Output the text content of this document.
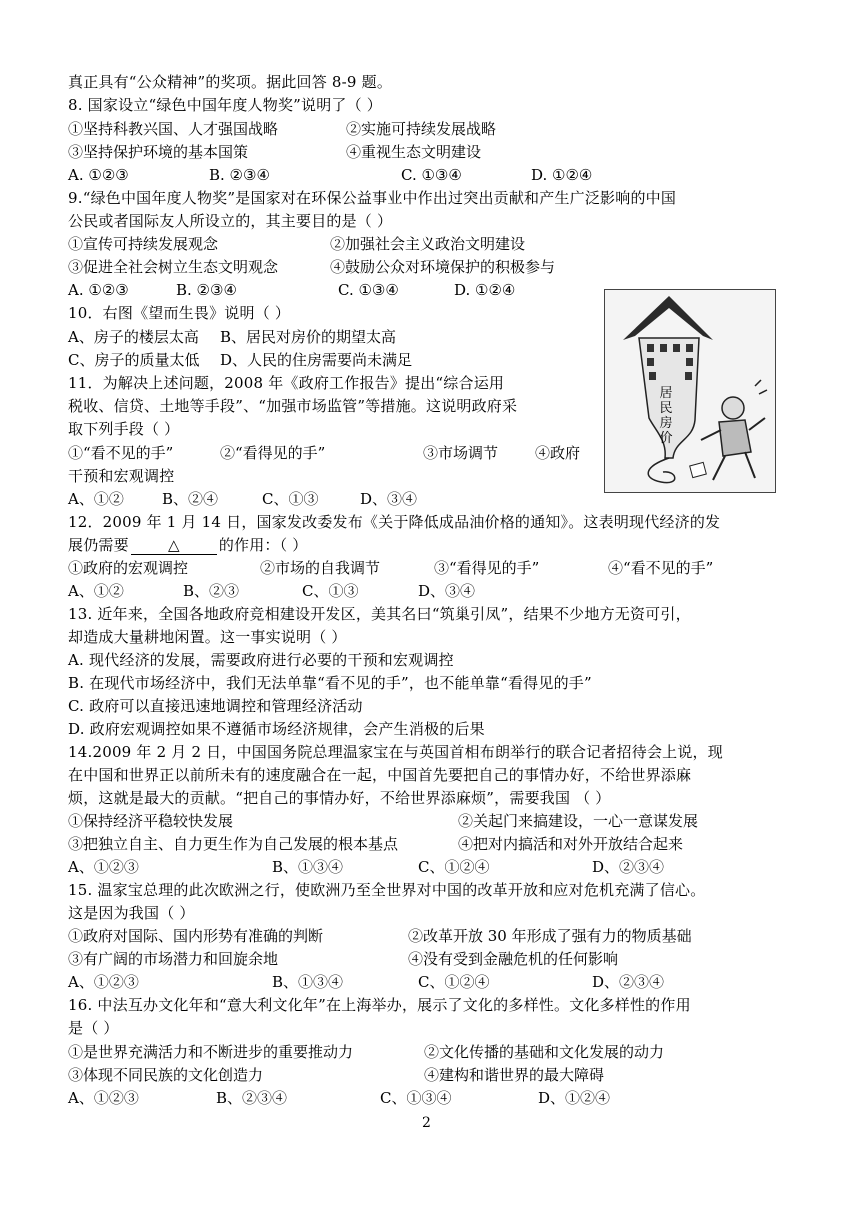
真正具有“公众精神”的奖项。据此回答 8-9 题。
8. 国家设立“绿色中国年度人物奖”说明了（ ）
①坚持科教兴国、人才强国战略	②实施可持续发展战略
③坚持保护环境的基本国策	④重视生态文明建设
A. ①②③	B. ②③④	C. ①③④	D. ①②④
9.“绿色中国年度人物奖”是国家对在环保公益事业中作出过突出贡献和产生广泛影响的中国
公民或者国际友人所设立的，其主要目的是（ ）
①宣传可持续发展观念	②加强社会主义政治文明建设
③促进全社会树立生态文明观念	④鼓励公众对环境保护的积极参与
A. ①②③	B. ②③④	C. ①③④	D. ①②④
10．右图《望而生畏》说明（ ）
A、房子的楼层太高 B、居民对房价的期望太高
C、房子的质量太低 D、人民的住房需要尚未满足
11．为解决上述问题，2008 年《政府工作报告》提出“综合运用
税收、信贷、土地等手段”、“加强市场监管”等措施。这说明政府采
取下列手段（ ）
①“看不见的手”	②“看得见的手”	③市场调节 ④政府
干预和宏观调控
A、①②	B、②④	C、①③	D、③④
12．2009 年 1 月 14 日，国家发改委发布《关于降低成品油价格的通知》。这表明现代经济的发
展仍需要	△	的作用：（ ）
①政府的宏观调控	②市场的自我调节	③“看得见的手”	④“看不见的手”
A、①②	B、②③	C、①③	D、③④
13. 近年来，全国各地政府竞相建设开发区，美其名曰“筑巢引凤”，结果不少地方无资可引，
却造成大量耕地闲置。这一事实说明（ ）
A. 现代经济的发展，需要政府进行必要的干预和宏观调控
B. 在现代市场经济中，我们无法单靠“看不见的手”，也不能单靠“看得见的手”
C. 政府可以直接迅速地调控和管理经济活动
D. 政府宏观调控如果不遵循市场经济规律，会产生消极的后果
14.2009 年 2 月 2 日，中国国务院总理温家宝在与英国首相布朗举行的联合记者招待会上说，现
在中国和世界正以前所未有的速度融合在一起，中国首先要把自己的事情办好，不给世界添麻
烦，这就是最大的贡献。“把自己的事情办好，不给世界添麻烦”，需要我国 （ ）
①保持经济平稳较快发展	②关起门来搞建设，一心一意谋发展
③把独立自主、自力更生作为自己发展的根本基点	④把对内搞活和对外开放结合起来
A、①②③	B、①③④	C、①②④	D、②③④
15. 温家宝总理的此次欧洲之行，使欧洲乃至全世界对中国的改革开放和应对危机充满了信心。
这是因为我国（ ）
①政府对国际、国内形势有准确的判断	②改革开放 30 年形成了强有力的物质基础
③有广阔的市场潜力和回旋余地	④没有受到金融危机的任何影响
A、①②③	B、①③④	C、①②④	D、②③④
16. 中法互办文化年和“意大利文化年”在上海举办，展示了文化的多样性。文化多样性的作用
是（ ）
①是世界充满活力和不断进步的重要推动力	②文化传播的基础和文化发展的动力
③体现不同民族的文化创造力	④建构和谐世界的最大障碍
A、①②③	B、②③④	C、①③④	D、①②④
居
民
房
价
2
